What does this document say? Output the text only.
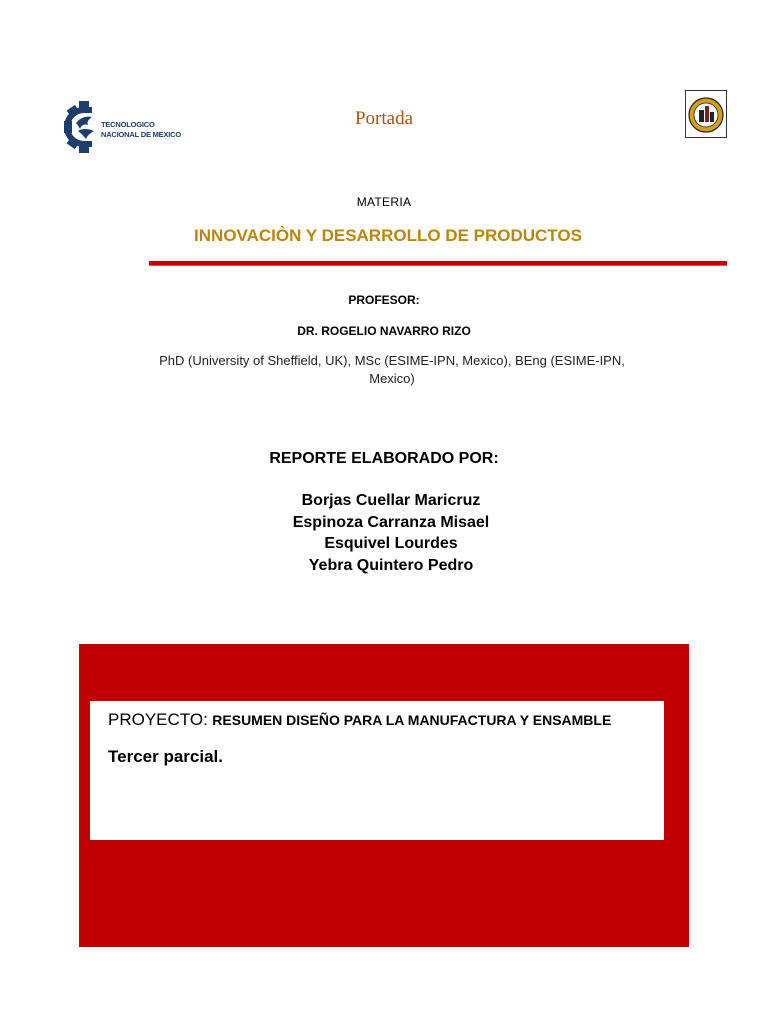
TECNOLOGICO
NACIONAL DE MEXICO
Portada
MATERIA
INNOVACIÒN Y DESARROLLO DE PRODUCTOS
PROFESOR:
DR. ROGELIO NAVARRO RIZO
PhD (University of Sheffield, UK), MSc (ESIME-IPN, Mexico), BEng (ESIME-IPN,
Mexico)
REPORTE ELABORADO POR:
Borjas Cuellar Maricruz
Espinoza Carranza Misael
Esquivel Lourdes
Yebra Quintero Pedro
PROYECTO: RESUMEN DISEÑO PARA LA MANUFACTURA Y ENSAMBLE
Tercer parcial.
